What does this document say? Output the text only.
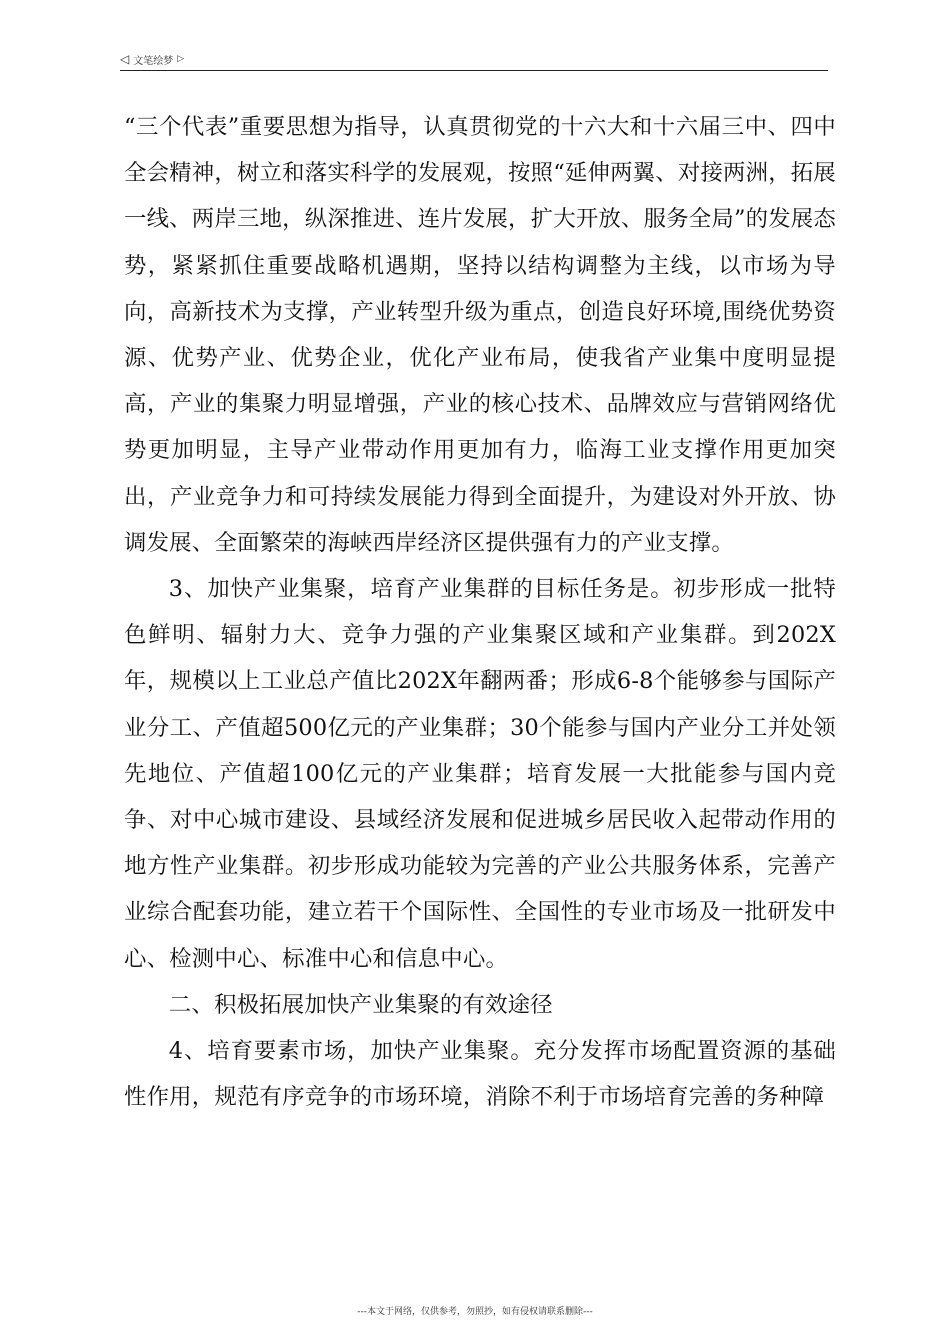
◁ 文笔绘梦 ▷

“三个代表”重要思想为指导，认真贯彻党的十六大和十六届三中、四中全会精神，树立和落实科学的发展观，按照“延伸两翼、对接两洲，拓展一线、两岸三地，纵深推进、连片发展，扩大开放、服务全局”的发展态势，紧紧抓住重要战略机遇期，坚持以结构调整为主线，以市场为导向，高新技术为支撑，产业转型升级为重点，创造良好环境,围绕优势资源、优势产业、优势企业，优化产业布局，使我省产业集中度明显提高，产业的集聚力明显增强，产业的核心技术、品牌效应与营销网络优势更加明显，主导产业带动作用更加有力，临海工业支撑作用更加突出，产业竞争力和可持续发展能力得到全面提升，为建设对外开放、协调发展、全面繁荣的海峡西岸经济区提供强有力的产业支撑。

3、加快产业集聚，培育产业集群的目标任务是。初步形成一批特色鲜明、辐射力大、竞争力强的产业集聚区域和产业集群。到202X年，规模以上工业总产值比202X年翻两番；形成6-8个能够参与国际产业分工、产值超500亿元的产业集群；30个能参与国内产业分工并处领先地位、产值超100亿元的产业集群；培育发展一大批能参与国内竞争、对中心城市建设、县域经济发展和促进城乡居民收入起带动作用的地方性产业集群。初步形成功能较为完善的产业公共服务体系，完善产业综合配套功能，建立若干个国际性、全国性的专业市场及一批研发中心、检测中心、标准中心和信息中心。

二、积极拓展加快产业集聚的有效途径

4、培育要素市场，加快产业集聚。充分发挥市场配置资源的基础性作用，规范有序竞争的市场环境，消除不利于市场培育完善的务种障

---本文于网络，仅供参考，勿照抄，如有侵权请联系删除---
